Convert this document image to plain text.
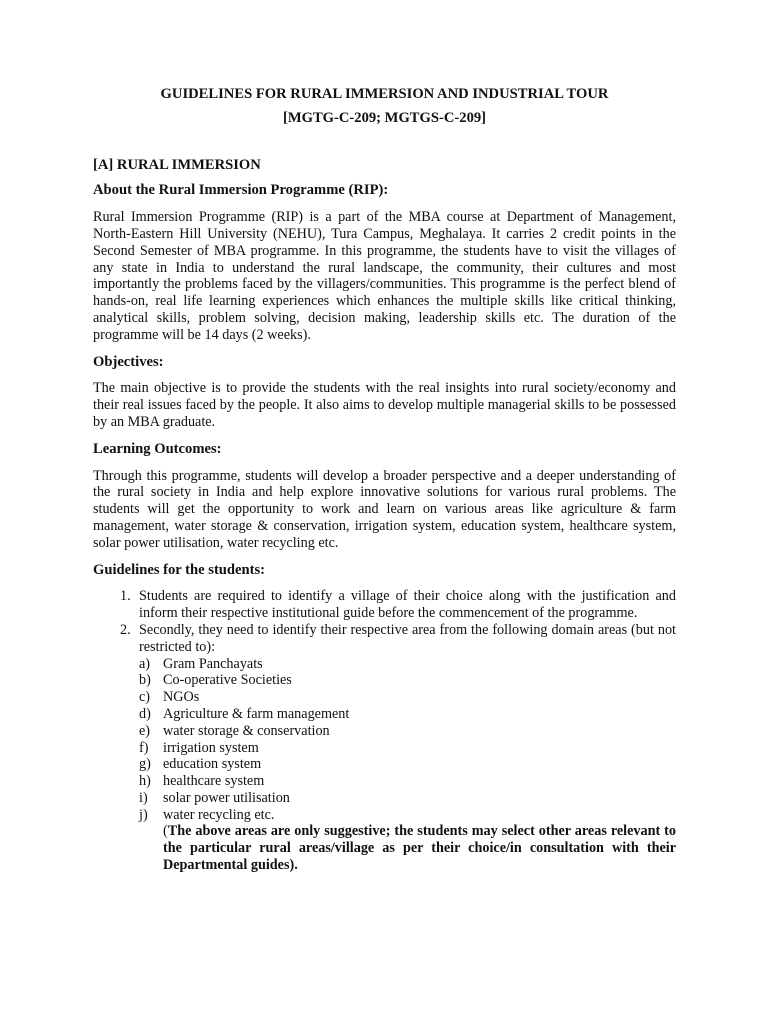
GUIDELINES FOR RURAL IMMERSION AND INDUSTRIAL TOUR

[MGTG-C-209; MGTGS-C-209]

[A] RURAL IMMERSION

About the Rural Immersion Programme (RIP):

Rural Immersion Programme (RIP) is a part of the MBA course at Department of Management, North-Eastern Hill University (NEHU), Tura Campus, Meghalaya. It carries 2 credit points in the Second Semester of MBA programme. In this programme, the students have to visit the villages of any state in India to understand the rural landscape, the community, their cultures and most importantly the problems faced by the villagers/communities. This programme is the perfect blend of hands-on, real life learning experiences which enhances the multiple skills like critical thinking, analytical skills, problem solving, decision making, leadership skills etc. The duration of the programme will be 14 days (2 weeks).

Objectives:

The main objective is to provide the students with the real insights into rural society/economy and their real issues faced by the people. It also aims to develop multiple managerial skills to be possessed by an MBA graduate.

Learning Outcomes:

Through this programme, students will develop a broader perspective and a deeper understanding of the rural society in India and help explore innovative solutions for various rural problems. The students will get the opportunity to work and learn on various areas like agriculture & farm management, water storage & conservation, irrigation system, education system, healthcare system, solar power utilisation, water recycling etc.

Guidelines for the students:

1. Students are required to identify a village of their choice along with the justification and inform their respective institutional guide before the commencement of the programme.
2. Secondly, they need to identify their respective area from the following domain areas (but not restricted to):
a) Gram Panchayats
b) Co-operative Societies
c) NGOs
d) Agriculture & farm management
e) water storage & conservation
f) irrigation system
g) education system
h) healthcare system
i) solar power utilisation
j) water recycling etc.

(The above areas are only suggestive; the students may select other areas relevant to the particular rural areas/village as per their choice/in consultation with their Departmental guides).
